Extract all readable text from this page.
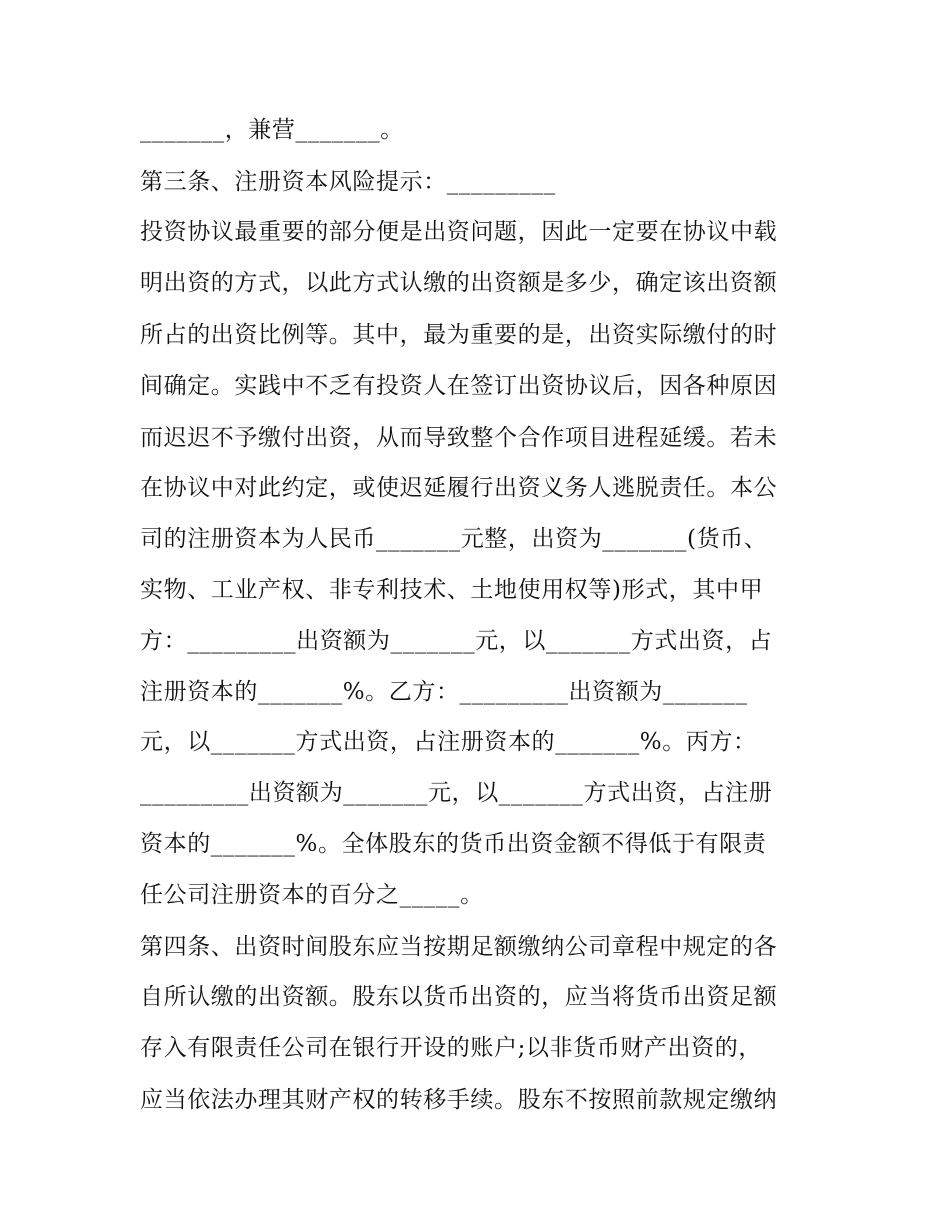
_______，兼营_______。

第三条、注册资本风险提示：_________

投资协议最重要的部分便是出资问题，因此一定要在协议中载

明出资的方式，以此方式认缴的出资额是多少，确定该出资额

所占的出资比例等。其中，最为重要的是，出资实际缴付的时

间确定。实践中不乏有投资人在签订出资协议后，因各种原因

而迟迟不予缴付出资，从而导致整个合作项目进程延缓。若未

在协议中对此约定，或使迟延履行出资义务人逃脱责任。本公

司的注册资本为人民币_______元整，出资为_______(货币、

实物、工业产权、非专利技术、土地使用权等)形式，其中甲

方：_________出资额为_______元，以_______方式出资，占

注册资本的_______%。乙方：_________出资额为_______

元，以_______方式出资，占注册资本的_______%。丙方：

_________出资额为_______元，以_______方式出资，占注册

资本的_______%。全体股东的货币出资金额不得低于有限责

任公司注册资本的百分之_____。

第四条、出资时间股东应当按期足额缴纳公司章程中规定的各

自所认缴的出资额。股东以货币出资的，应当将货币出资足额

存入有限责任公司在银行开设的账户;以非货币财产出资的，

应当依法办理其财产权的转移手续。股东不按照前款规定缴纳
